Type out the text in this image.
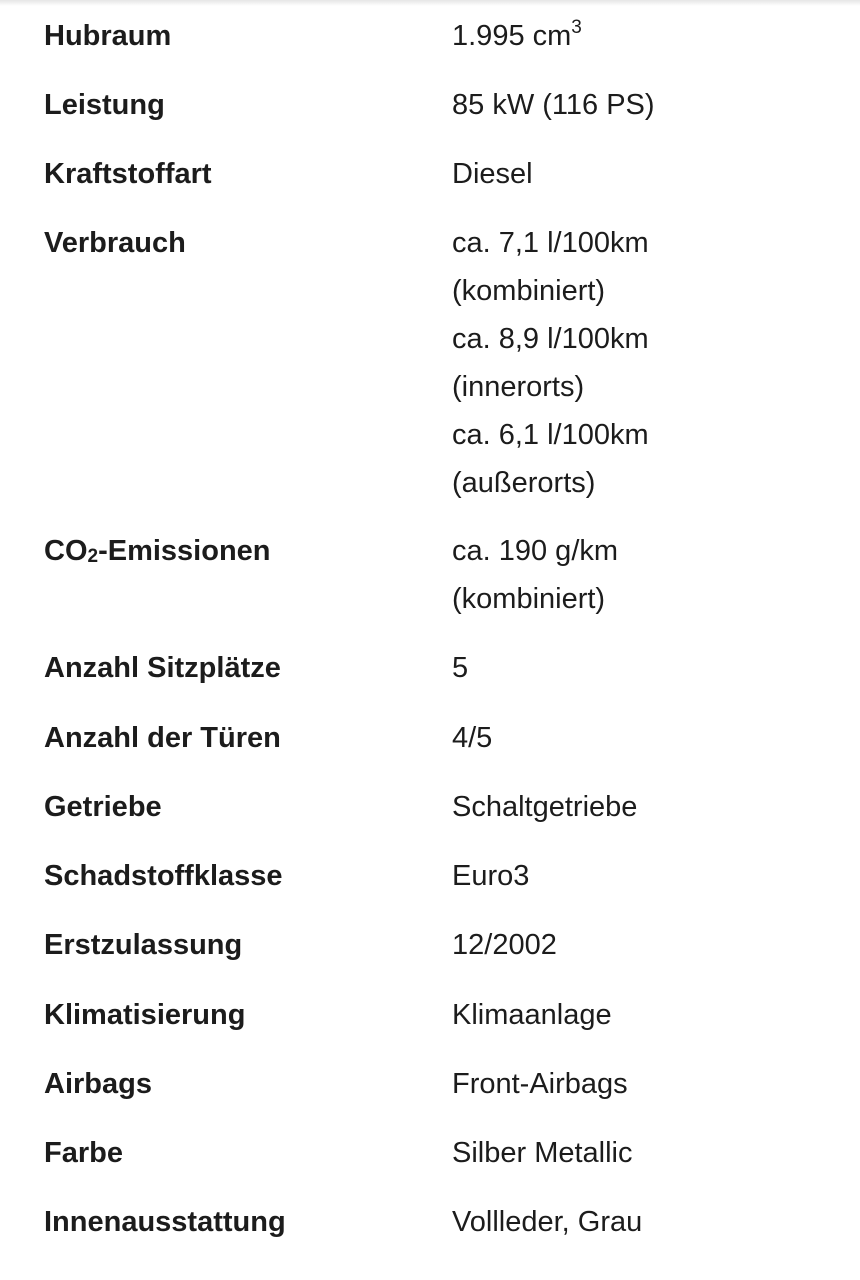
Hubraum	1.995 $cm^3$
Leistung	85 kW (116 PS)
Kraftstoffart	Diesel
Verbrauch	ca. 7,1 l/100km
(kombiniert)
ca. 8,9 l/100km
(innerorts)
ca. 6,1 l/100km
(außerorts)
$CO_2$-Emissionen	ca. 190 g/km
(kombiniert)
Anzahl Sitzplätze	5
Anzahl der Türen	4/5
Getriebe	Schaltgetriebe
Schadstoffklasse	Euro3
Erstzulassung	12/2002
Klimatisierung	Klimaanlage
Airbags	Front-Airbags
Farbe	Silber Metallic
Innenausstattung	Vollleder, Grau
